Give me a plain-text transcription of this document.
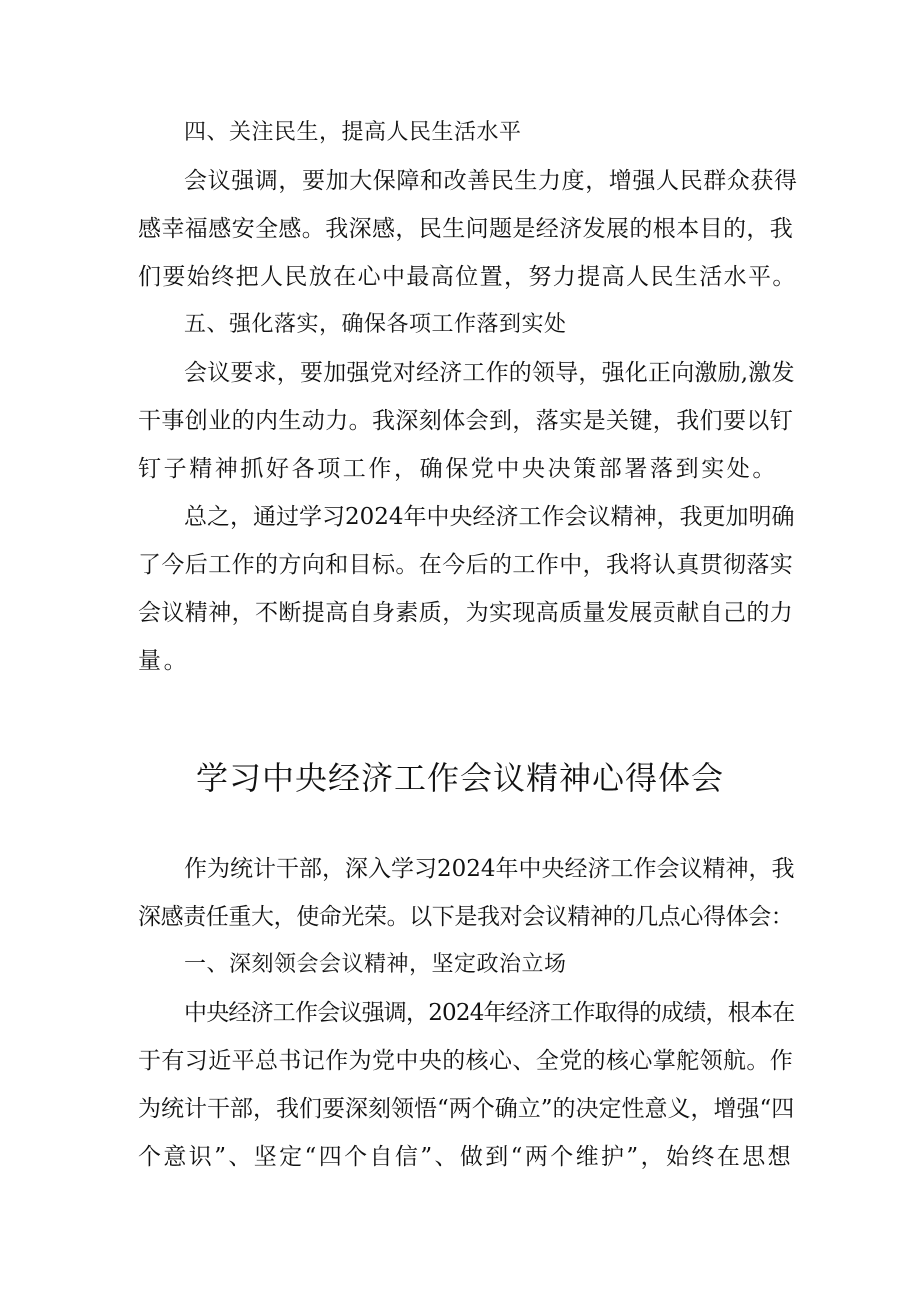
四、关注民生，提高人民生活水平
会议强调，要加大保障和改善民生力度，增强人民群众获得
感幸福感安全感。我深感，民生问题是经济发展的根本目的，我
们要始终把人民放在心中最高位置，努力提高人民生活水平。
五、强化落实，确保各项工作落到实处
会议要求，要加强党对经济工作的领导，强化正向激励,激发
干事创业的内生动力。我深刻体会到，落实是关键，我们要以钉
钉子精神抓好各项工作，确保党中央决策部署落到实处。
总之，通过学习2024年中央经济工作会议精神，我更加明确
了今后工作的方向和目标。在今后的工作中，我将认真贯彻落实
会议精神，不断提高自身素质，为实现高质量发展贡献自己的力
量。
学习中央经济工作会议精神心得体会
作为统计干部，深入学习2024年中央经济工作会议精神，我
深感责任重大，使命光荣。以下是我对会议精神的几点心得体会：
一、深刻领会会议精神，坚定政治立场
中央经济工作会议强调，2024年经济工作取得的成绩，根本在
于有习近平总书记作为党中央的核心、全党的核心掌舵领航。作
为统计干部，我们要深刻领悟“两个确立”的决定性意义，增强“四
个意识”、坚定“四个自信”、做到“两个维护”，始终在思想
